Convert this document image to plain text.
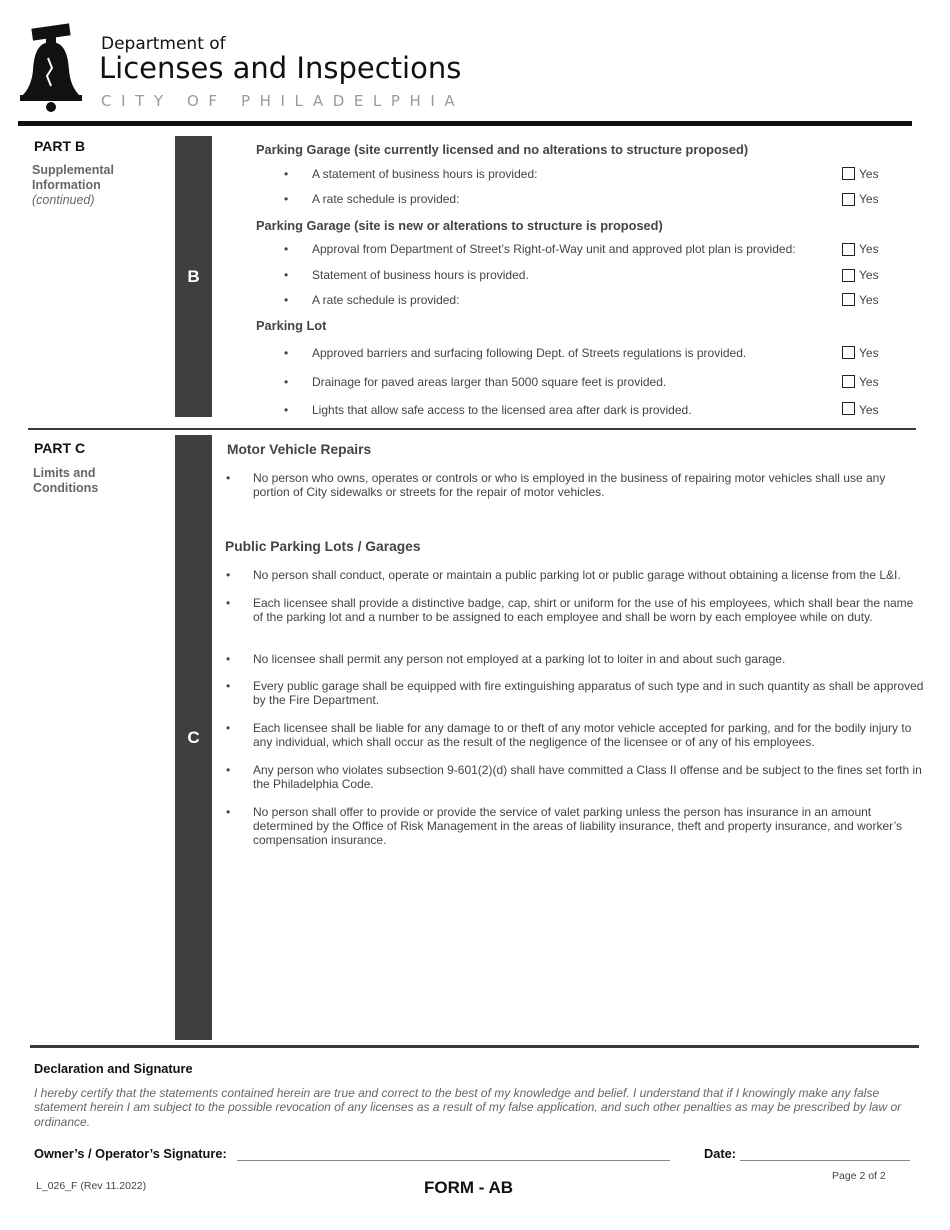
Department of
Licenses and Inspections
CITY OF PHILADELPHIA
PART B
Supplemental
Information
(continued)
B
Parking Garage (site currently licensed and no alterations to structure proposed)
• A statement of business hours is provided:	Yes
• A rate schedule is provided:	Yes
Parking Garage (site is new or alterations to structure is proposed)
• Approval from Department of Street’s Right-of-Way unit and approved plot plan is provided:	Yes
• Statement of business hours is provided.	Yes
• A rate schedule is provided:	Yes
Parking Lot
• Approved barriers and surfacing following Dept. of Streets regulations is provided.	Yes
• Drainage for paved areas larger than 5000 square feet is provided.	Yes
• Lights that allow safe access to the licensed area after dark is provided.	Yes
PART C
Limits and
Conditions
C
Motor Vehicle Repairs
• No person who owns, operates or controls or who is employed in the business of repairing motor vehicles shall use any portion of City sidewalks or streets for the repair of motor vehicles.
Public Parking Lots / Garages
• No person shall conduct, operate or maintain a public parking lot or public garage without obtaining a license from the L&I.
• Each licensee shall provide a distinctive badge, cap, shirt or uniform for the use of his employees, which shall bear the name of the parking lot and a number to be assigned to each employee and shall be worn by each employee while on duty.
• No licensee shall permit any person not employed at a parking lot to loiter in and about such garage.
• Every public garage shall be equipped with fire extinguishing apparatus of such type and in such quantity as shall be approved by the Fire Department.
• Each licensee shall be liable for any damage to or theft of any motor vehicle accepted for parking, and for the bodily injury to any individual, which shall occur as the result of the negligence of the licensee or of any of his employees.
• Any person who violates subsection 9-601(2)(d) shall have committed a Class II offense and be subject to the fines set forth in the Philadelphia Code.
• No person shall offer to provide or provide the service of valet parking unless the person has insurance in an amount determined by the Office of Risk Management in the areas of liability insurance, theft and property insurance, and worker’s compensation insurance.
Declaration and Signature
I hereby certify that the statements contained herein are true and correct to the best of my knowledge and belief. I understand that if I knowingly make any false statement herein I am subject to the possible revocation of any licenses as a result of my false application, and such other penalties as may be prescribed by law or ordinance.
Owner’s / Operator’s Signature:	Date:
Page 2 of 2
L_026_F (Rev 11.2022)	FORM - AB
